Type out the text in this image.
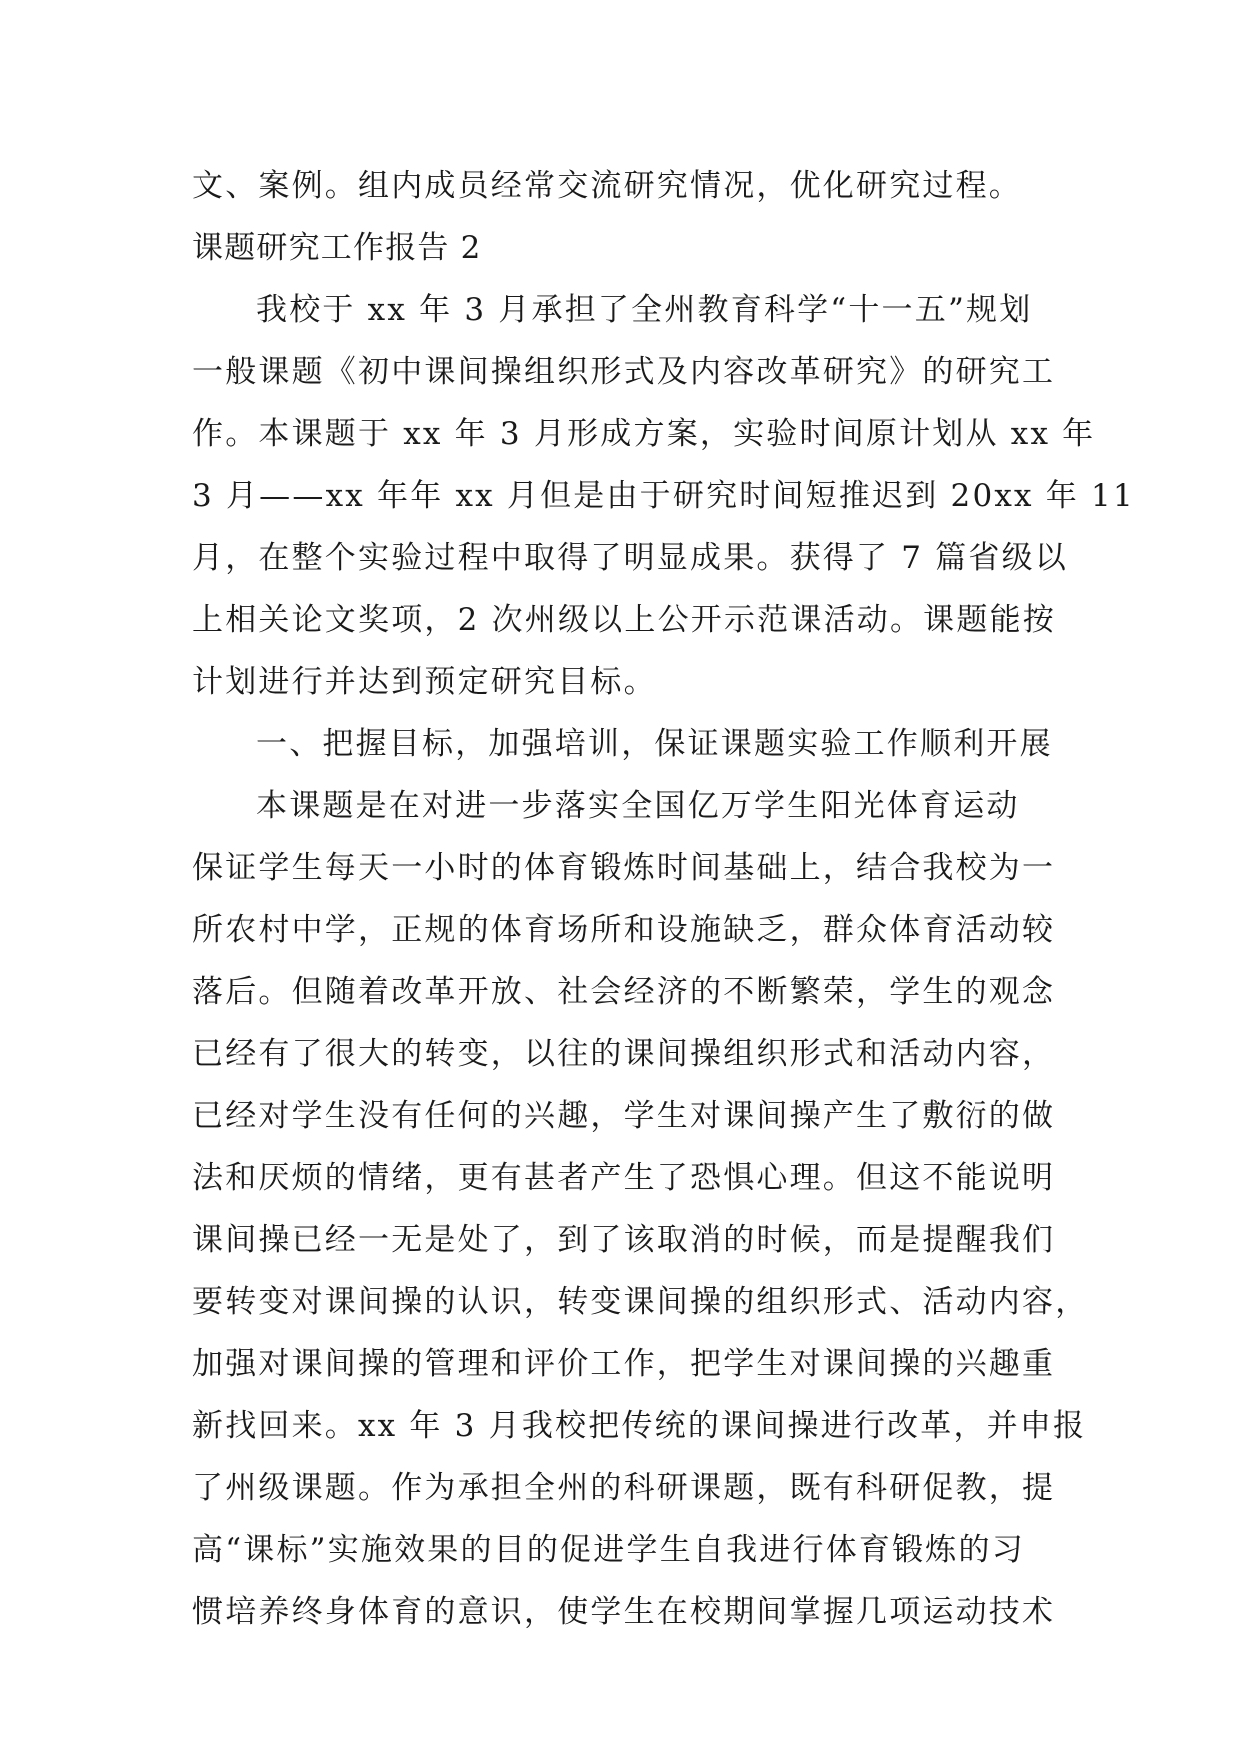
文、案例。组内成员经常交流研究情况，优化研究过程。
课题研究工作报告 2
我校于 xx 年 3 月承担了全州教育科学“十一五”规划
一般课题《初中课间操组织形式及内容改革研究》的研究工
作。本课题于 xx 年 3 月形成方案，实验时间原计划从 xx 年
3 月——xx 年年 xx 月但是由于研究时间短推迟到 20xx 年 11
月，在整个实验过程中取得了明显成果。获得了 7 篇省级以
上相关论文奖项，2 次州级以上公开示范课活动。课题能按
计划进行并达到预定研究目标。
一、把握目标，加强培训，保证课题实验工作顺利开展
本课题是在对进一步落实全国亿万学生阳光体育运动
保证学生每天一小时的体育锻炼时间基础上，结合我校为一
所农村中学，正规的体育场所和设施缺乏，群众体育活动较
落后。但随着改革开放、社会经济的不断繁荣，学生的观念
已经有了很大的转变，以往的课间操组织形式和活动内容，
已经对学生没有任何的兴趣，学生对课间操产生了敷衍的做
法和厌烦的情绪，更有甚者产生了恐惧心理。但这不能说明
课间操已经一无是处了，到了该取消的时候，而是提醒我们
要转变对课间操的认识，转变课间操的组织形式、活动内容，
加强对课间操的管理和评价工作，把学生对课间操的兴趣重
新找回来。xx 年 3 月我校把传统的课间操进行改革，并申报
了州级课题。作为承担全州的科研课题，既有科研促教，提
高“课标”实施效果的目的促进学生自我进行体育锻炼的习
惯培养终身体育的意识，使学生在校期间掌握几项运动技术
